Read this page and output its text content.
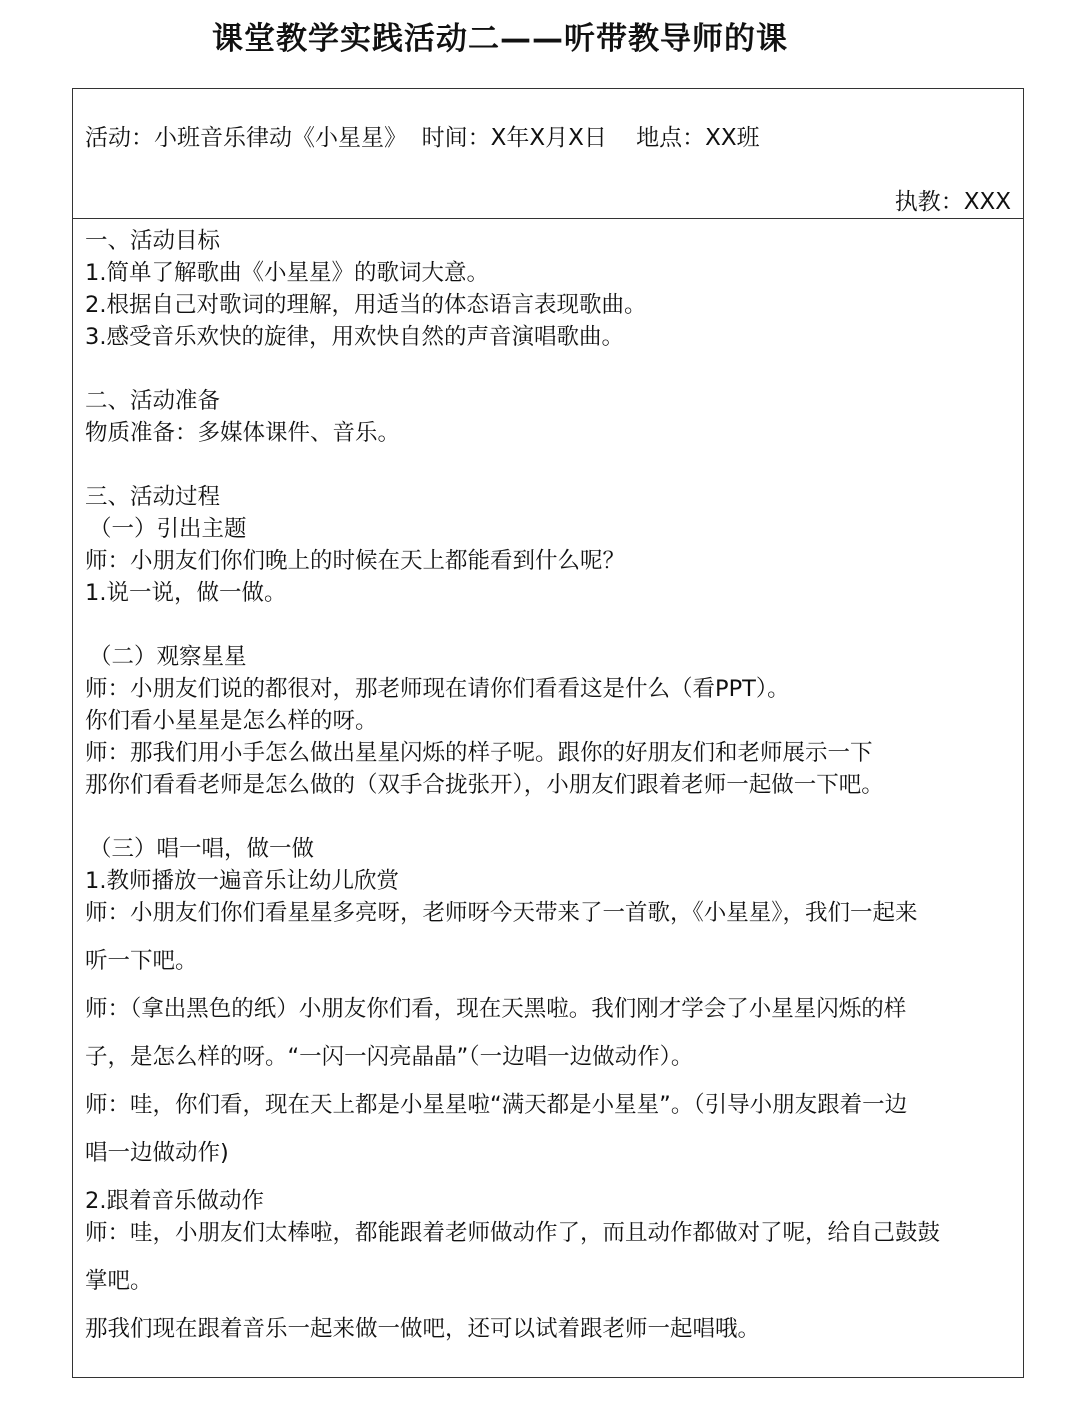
课堂教学实践活动二——听带教导师的课
活动：小班音乐律动《小星星》  时间：X年X月X日    地点：XX班
执教：XXX
一、活动目标
1.简单了解歌曲《小星星》的歌词大意。
2.根据自己对歌词的理解，用适当的体态语言表现歌曲。
3.感受音乐欢快的旋律，用欢快自然的声音演唱歌曲。
二、活动准备
物质准备：多媒体课件、音乐。
三、活动过程
（一）引出主题
师：小朋友们你们晚上的时候在天上都能看到什么呢？
1.说一说，做一做。
（二）观察星星
师：小朋友们说的都很对，那老师现在请你们看看这是什么（看PPT）。
你们看小星星是怎么样的呀。
师：那我们用小手怎么做出星星闪烁的样子呢。跟你的好朋友们和老师展示一下
那你们看看老师是怎么做的（双手合拢张开），小朋友们跟着老师一起做一下吧。
（三）唱一唱，做一做
1.教师播放一遍音乐让幼儿欣赏
师：小朋友们你们看星星多亮呀，老师呀今天带来了一首歌，《小星星》，我们一起来
听一下吧。
师：（拿出黑色的纸）小朋友你们看，现在天黑啦。我们刚才学会了小星星闪烁的样
子，是怎么样的呀。“一闪一闪亮晶晶”（一边唱一边做动作）。
师：哇，你们看，现在天上都是小星星啦“满天都是小星星”。（引导小朋友跟着一边
唱一边做动作)
2.跟着音乐做动作
师：哇，小朋友们太棒啦，都能跟着老师做动作了，而且动作都做对了呢，给自己鼓鼓
掌吧。
那我们现在跟着音乐一起来做一做吧，还可以试着跟老师一起唱哦。
